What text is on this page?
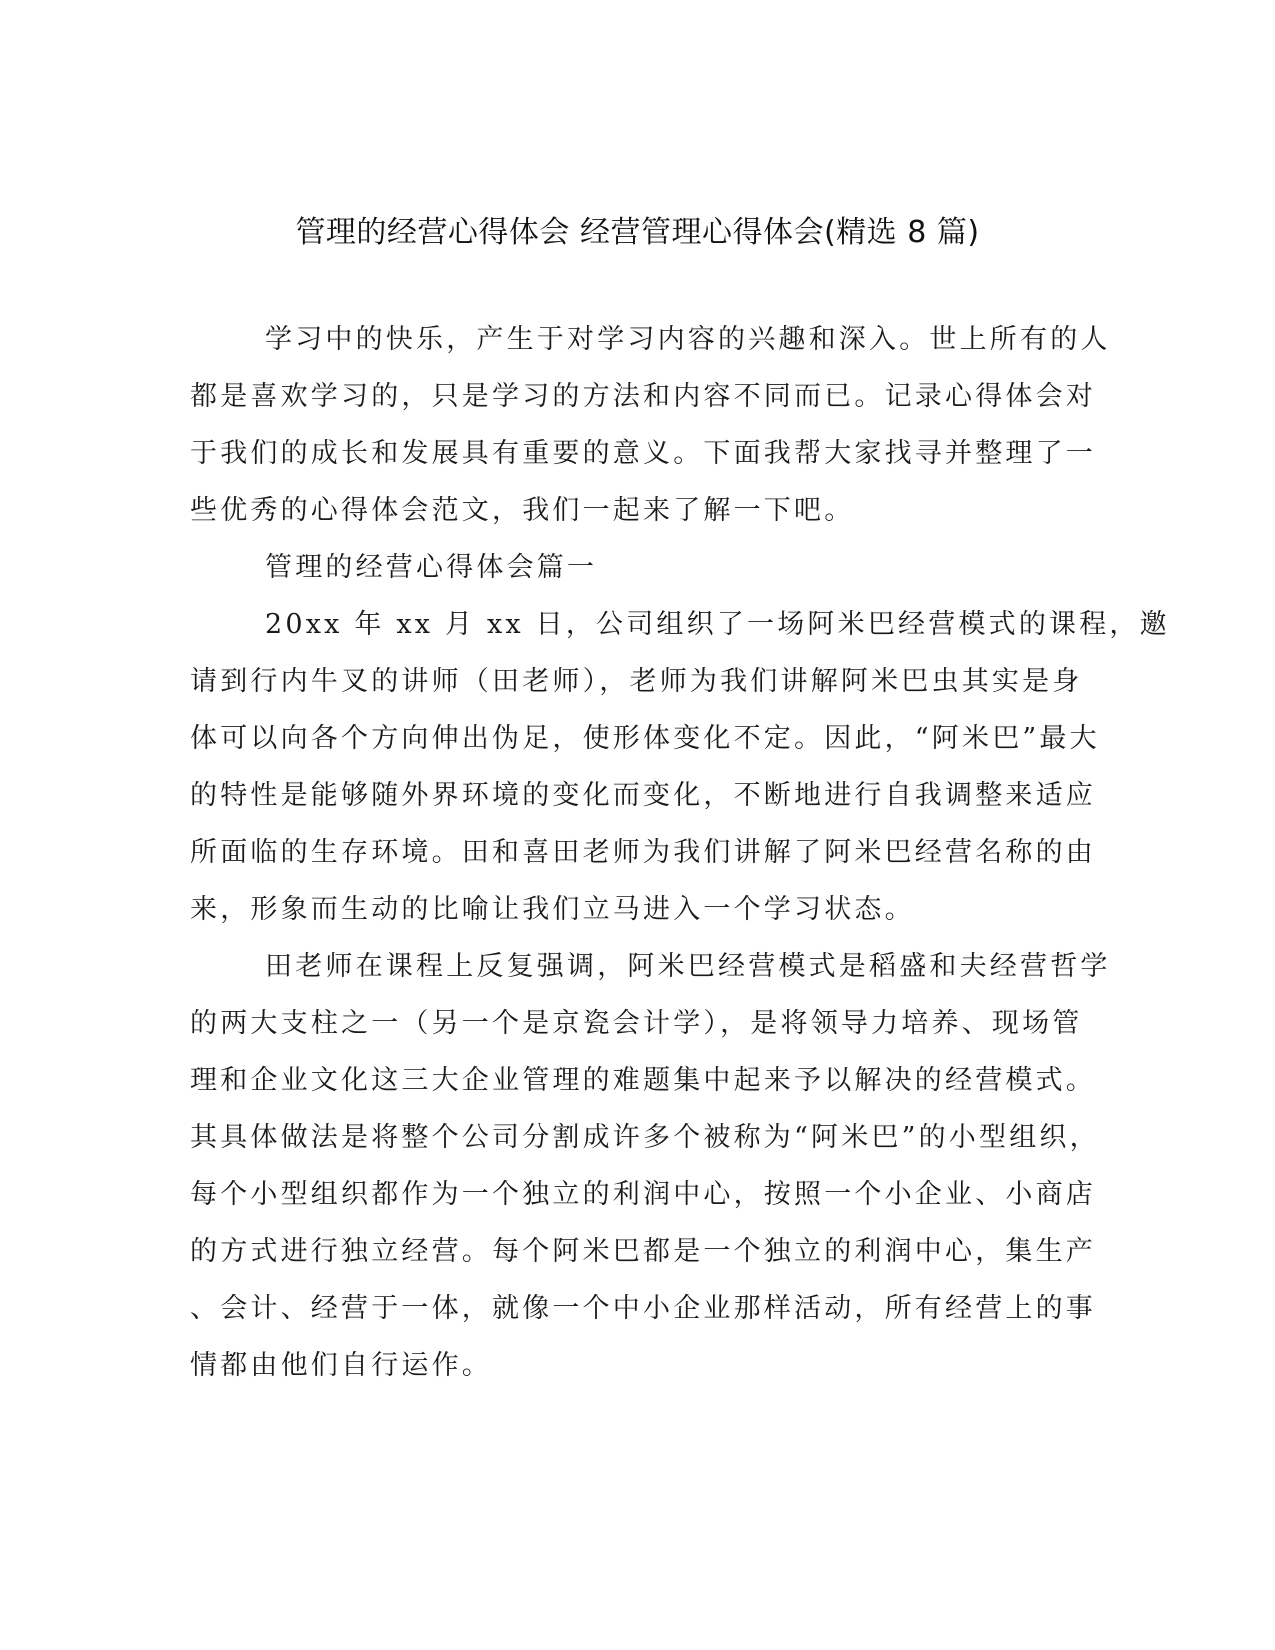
管理的经营心得体会 经营管理心得体会(精选 8 篇)
学习中的快乐，产生于对学习内容的兴趣和深入。世上所有的人
都是喜欢学习的，只是学习的方法和内容不同而已。记录心得体会对
于我们的成长和发展具有重要的意义。下面我帮大家找寻并整理了一
些优秀的心得体会范文，我们一起来了解一下吧。
管理的经营心得体会篇一
20xx 年 xx 月 xx 日，公司组织了一场阿米巴经营模式的课程，邀
请到行内牛叉的讲师（田老师），老师为我们讲解阿米巴虫其实是身
体可以向各个方向伸出伪足，使形体变化不定。因此，“阿米巴”最大
的特性是能够随外界环境的变化而变化，不断地进行自我调整来适应
所面临的生存环境。田和喜田老师为我们讲解了阿米巴经营名称的由
来，形象而生动的比喻让我们立马进入一个学习状态。
田老师在课程上反复强调，阿米巴经营模式是稻盛和夫经营哲学
的两大支柱之一（另一个是京瓷会计学），是将领导力培养、现场管
理和企业文化这三大企业管理的难题集中起来予以解决的经营模式。
其具体做法是将整个公司分割成许多个被称为“阿米巴”的小型组织，
每个小型组织都作为一个独立的利润中心，按照一个小企业、小商店
的方式进行独立经营。每个阿米巴都是一个独立的利润中心，集生产
、会计、经营于一体，就像一个中小企业那样活动，所有经营上的事
情都由他们自行运作。
